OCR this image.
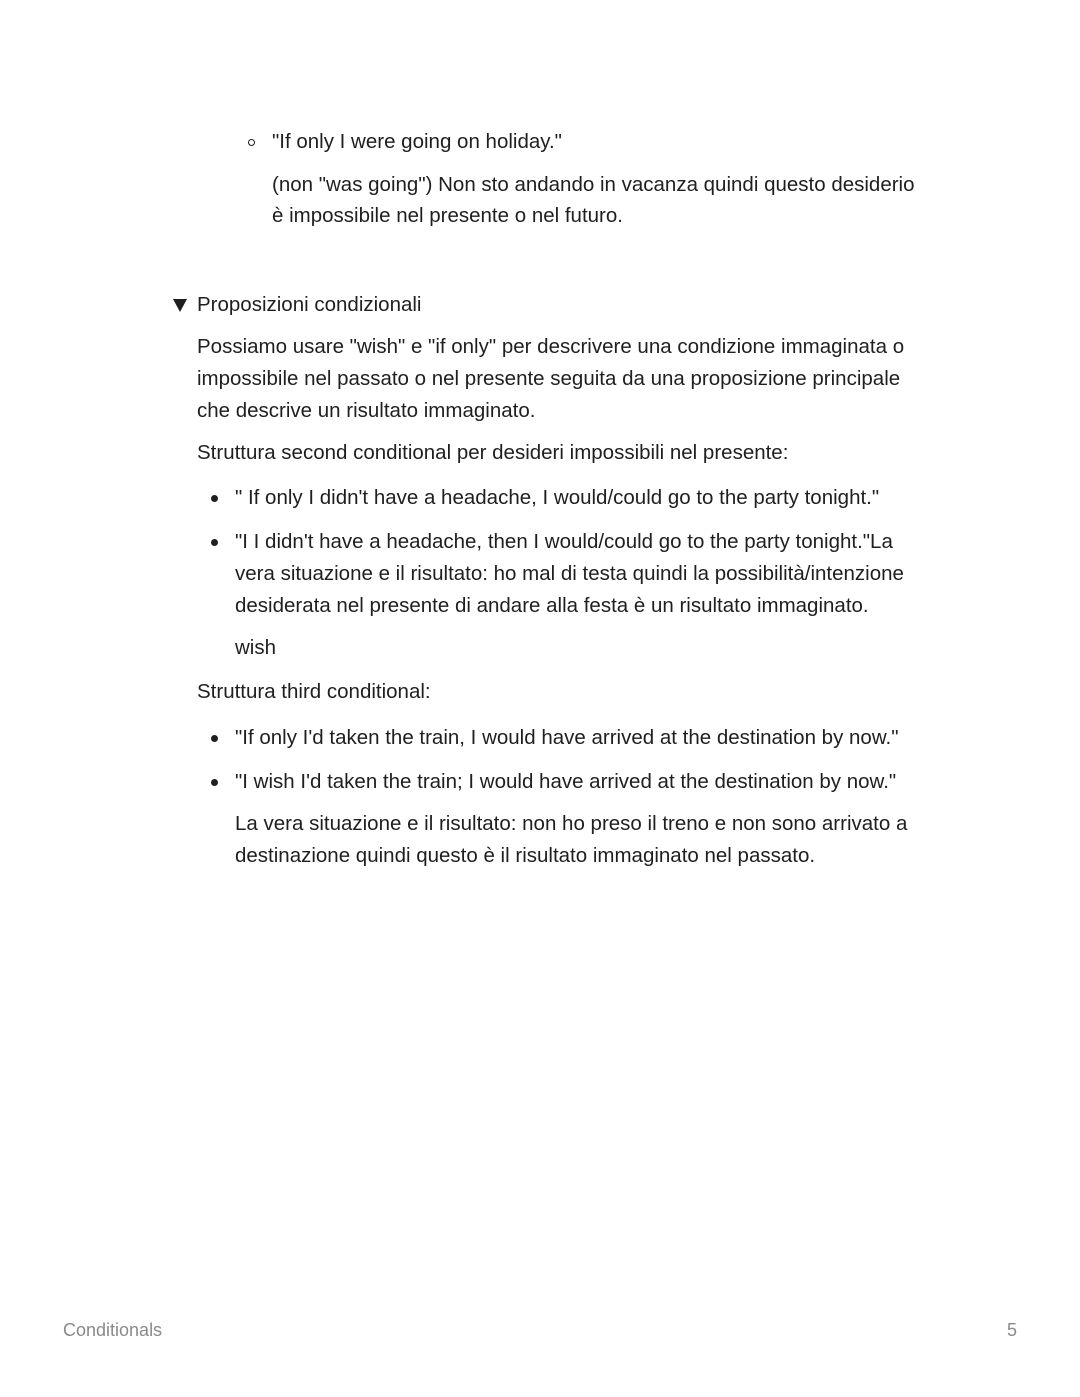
"If only I were going on holiday."

(non "was going") Non sto andando in vacanza quindi questo desiderio

è impossibile nel presente o nel futuro.

Proposizioni condizionali

Possiamo usare "wish" e "if only" per descrivere una condizione immaginata o

impossibile nel passato o nel presente seguita da una proposizione principale

che descrive un risultato immaginato.

Struttura second conditional per desideri impossibili nel presente:

" If only I didn't have a headache, I would/could go to the party tonight."

"I I didn't have a headache, then I would/could go to the party tonight."La

vera situazione e il risultato: ho mal di testa quindi la possibilità/intenzione

desiderata nel presente di andare alla festa è un risultato immaginato.

wish

Struttura third conditional:

"If only I'd taken the train, I would have arrived at the destination by now."

"I wish I'd taken the train; I would have arrived at the destination by now."

La vera situazione e il risultato: non ho preso il treno e non sono arrivato a

destinazione quindi questo è il risultato immaginato nel passato.

Conditionals	5
